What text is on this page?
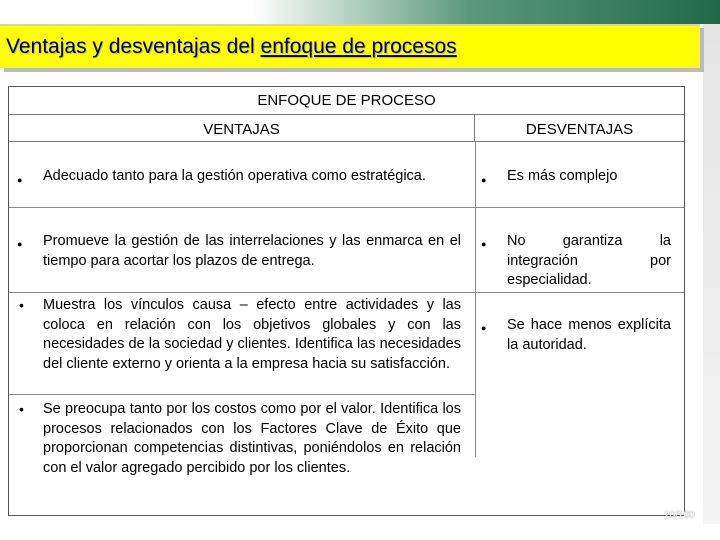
Ventajas y desventajas del enfoque de procesos
ENFOQUE DE PROCESO
VENTAJAS	DESVENTAJAS
● Adecuado tanto para la gestión operativa como estratégica.
● Promueve la gestión de las interrelaciones y las enmarca en el tiempo para acortar los plazos de entrega.
• Muestra los vínculos causa – efecto entre actividades y las coloca en relación con los objetivos globales y con las necesidades de la sociedad y clientes. Identifica las necesidades del cliente externo y orienta a la empresa hacia su satisfacción.
• Se preocupa tanto por los costos como por el valor. Identifica los procesos relacionados con los Factores Clave de Éxito que proporcionan competencias distintivas, poniéndolos en relación con el valor agregado percibido por los clientes.
● Es más complejo
● No garantiza la integración por especialidad.
● Se hace menos explícita la autoridad.
20/100
